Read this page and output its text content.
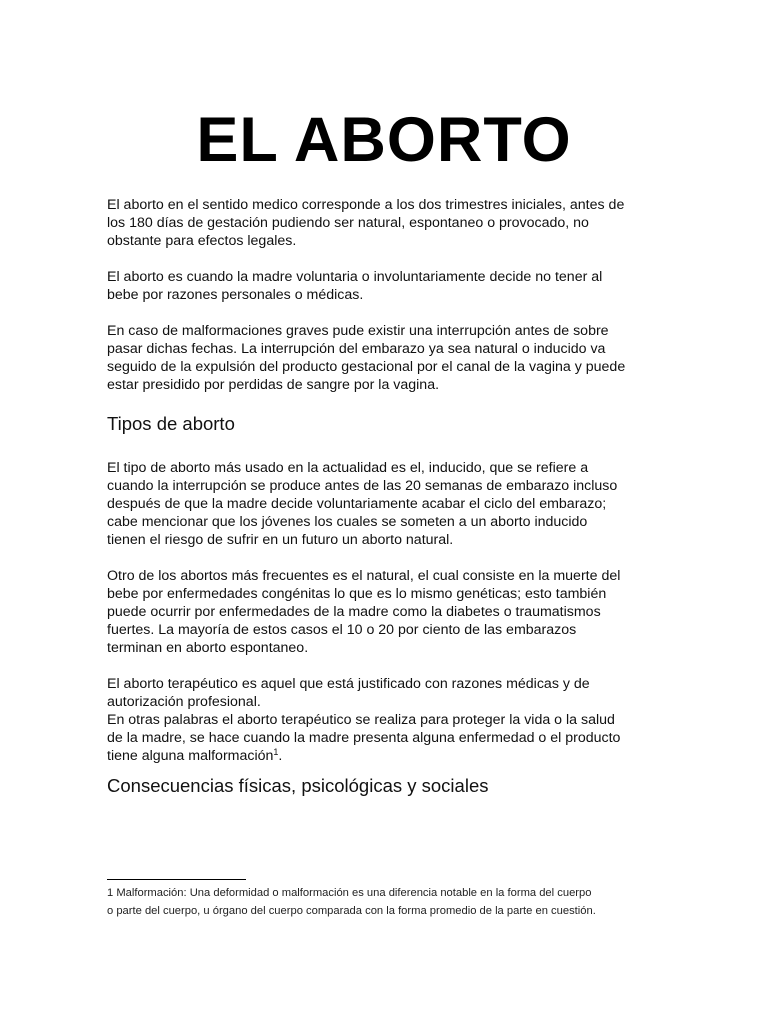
EL ABORTO

El aborto en el sentido medico corresponde a los dos trimestres iniciales, antes de
los 180 días de gestación pudiendo ser natural, espontaneo o provocado, no
obstante para efectos legales.

El aborto es cuando la madre voluntaria o involuntariamente decide no tener al
bebe por razones personales o médicas.

En caso de malformaciones graves pude existir una interrupción antes de sobre
pasar dichas fechas. La interrupción del embarazo ya sea natural o inducido va
seguido de la expulsión del producto gestacional por el canal de la vagina y puede
estar presidido por perdidas de sangre por la vagina.

Tipos de aborto

El tipo de aborto más usado en la actualidad es el, inducido, que se refiere a
cuando la interrupción se produce antes de las 20 semanas de embarazo incluso
después de que la madre decide voluntariamente acabar el ciclo del embarazo;
cabe mencionar que los jóvenes los cuales se someten a un aborto inducido
tienen el riesgo de sufrir en un futuro un aborto natural.

Otro de los abortos más frecuentes es el natural, el cual consiste en la muerte del
bebe por enfermedades congénitas lo que es lo mismo genéticas; esto también
puede ocurrir por enfermedades de la madre como la diabetes o traumatismos
fuertes. La mayoría de estos casos el 10 o 20 por ciento de las embarazos
terminan en aborto espontaneo.

El aborto terapéutico es aquel que está justificado con razones médicas y de
autorización profesional.
En otras palabras el aborto terapéutico se realiza para proteger la vida o la salud
de la madre, se hace cuando la madre presenta alguna enfermedad o el producto
tiene alguna malformación$^1$.

Consecuencias físicas, psicológicas y sociales
1 Malformación: Una deformidad o malformación es una diferencia notable en la forma del cuerpo
o parte del cuerpo, u órgano del cuerpo comparada con la forma promedio de la parte en cuestión.
